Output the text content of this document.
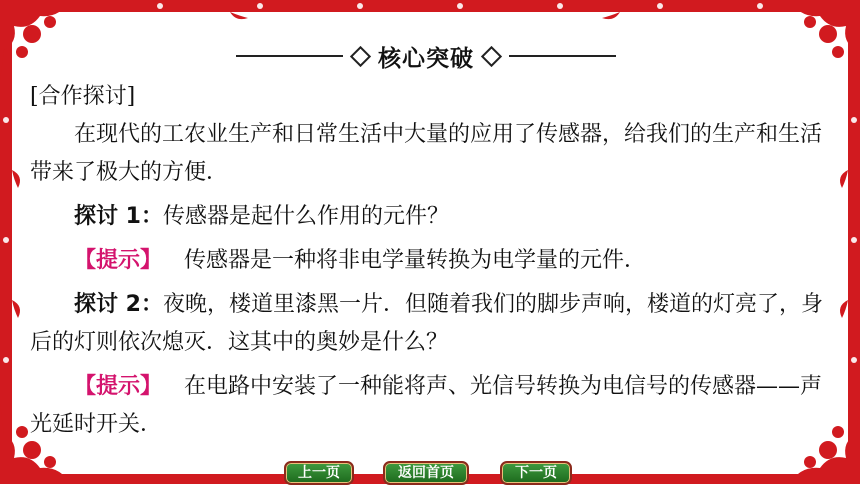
核心突破

[合作探讨]

在现代的工农业生产和日常生活中大量的应用了传感器，给我们的生产和生活带来了极大的方便．

探讨 1：传感器是起什么作用的元件？

【提示】 传感器是一种将非电学量转换为电学量的元件．

探讨 2：夜晚，楼道里漆黑一片．但随着我们的脚步声响，楼道的灯亮了，身后的灯则依次熄灭．这其中的奥妙是什么？

【提示】 在电路中安装了一种能将声、光信号转换为电信号的传感器——声光延时开关．

上一页	返回首页	下一页
